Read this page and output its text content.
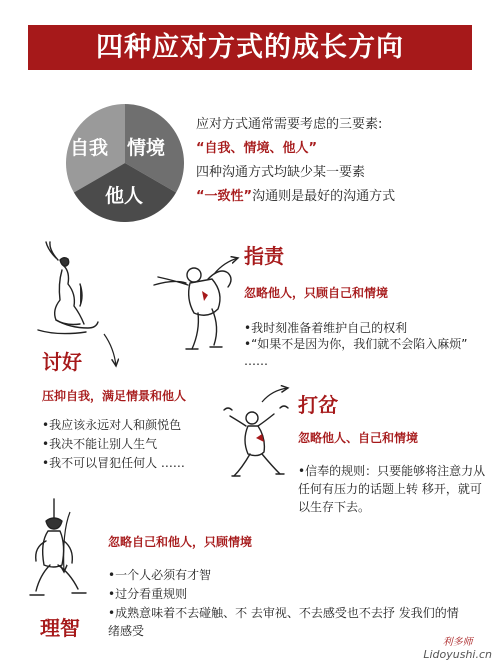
四种应对方式的成长方向
自我 情境
他人
应对方式通常需要考虑的三要素:
“自我、情境、他人”
四种沟通方式均缺少某一要素
“一致性”沟通则是最好的沟通方式
指责
忽略他人，只顾自己和情境
•我时刻准备着维护自己的权利
•“如果不是因为你，我们就不会陷入麻烦”
……
讨好
压抑自我，满足情景和他人
•我应该永远对人和颜悦色
•我决不能让别人生气
•我不可以冒犯任何人 ……
打岔
忽略他人、自己和情境
•信奉的规则：只要能够将注意力从任何有压力的话题上转 移开，就可以生存下去。
理智
忽略自己和他人，只顾情境
•一个人必须有才智
•过分看重规则
•成熟意味着不去碰触、不 去审视、不去感受也不去抒 发我们的情绪感受
利多师
Lidoyushi.cn
